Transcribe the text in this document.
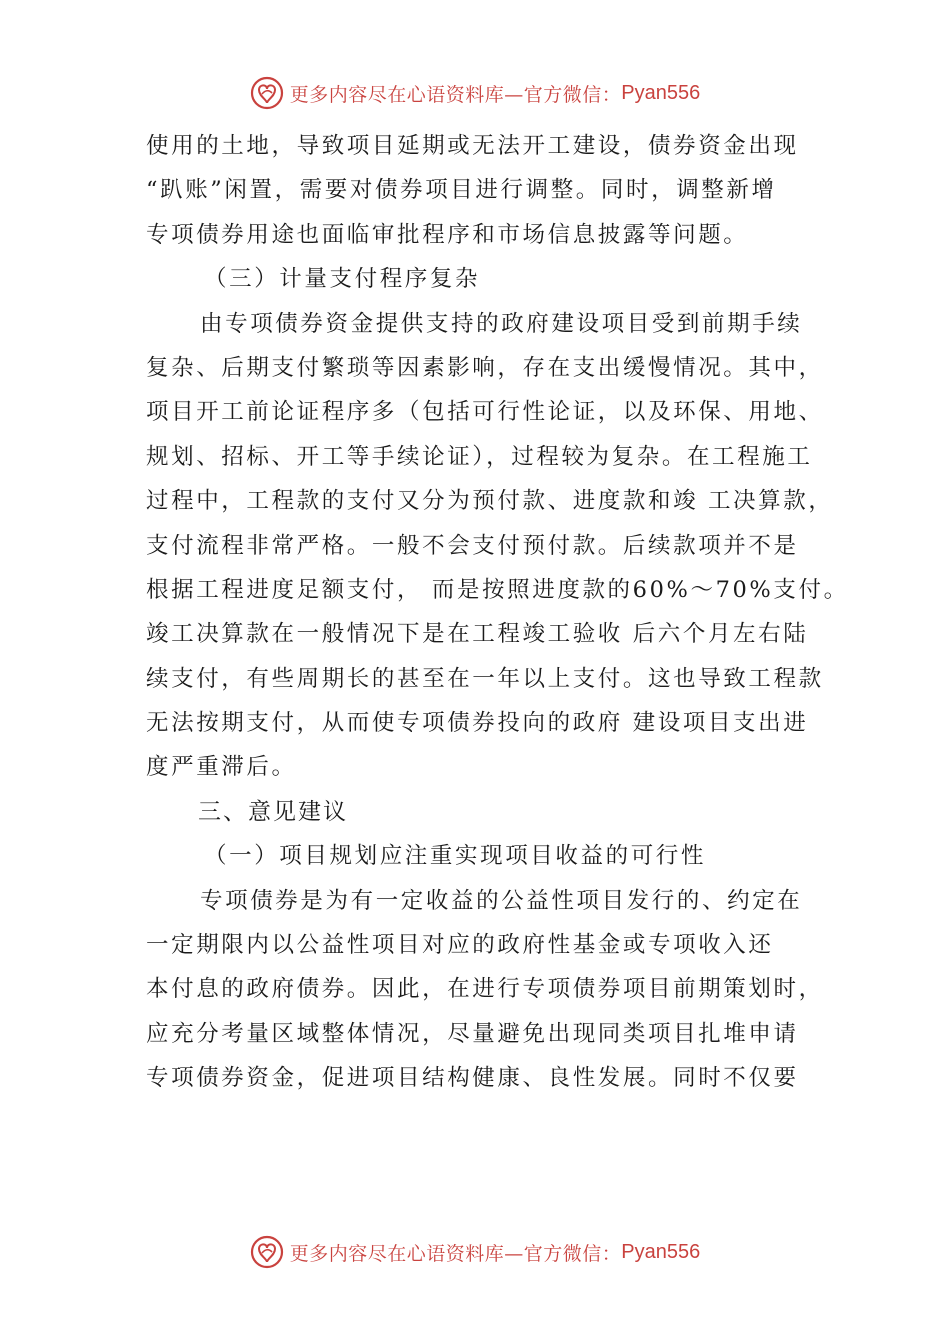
更多内容尽在心语资料库—官方微信： Pyan556
使用的土地，导致项目延期或无法开工建设，债券资金出现
“趴账”闲置，需要对债券项目进行调整。同时，调整新增
专项债券用途也面临审批程序和市场信息披露等问题。
（三）计量支付程序复杂
由专项债券资金提供支持的政府建设项目受到前期手续
复杂、后期支付繁琐等因素影响，存在支出缓慢情况。其中，
项目开工前论证程序多（包括可行性论证，以及环保、用地、
规划、招标、开工等手续论证），过程较为复杂。在工程施工
过程中，工程款的支付又分为预付款、进度款和竣 工决算款，
支付流程非常严格。一般不会支付预付款。后续款项并不是
根据工程进度足额支付， 而是按照进度款的60%～70%支付。
竣工决算款在一般情况下是在工程竣工验收 后六个月左右陆
续支付，有些周期长的甚至在一年以上支付。这也导致工程款
无法按期支付，从而使专项债券投向的政府 建设项目支出进
度严重滞后。
三、意见建议
（一）项目规划应注重实现项目收益的可行性
专项债券是为有一定收益的公益性项目发行的、约定在
一定期限内以公益性项目对应的政府性基金或专项收入还
本付息的政府债券。因此，在进行专项债券项目前期策划时，
应充分考量区域整体情况，尽量避免出现同类项目扎堆申请
专项债券资金，促进项目结构健康、良性发展。同时不仅要
更多内容尽在心语资料库—官方微信： Pyan556
